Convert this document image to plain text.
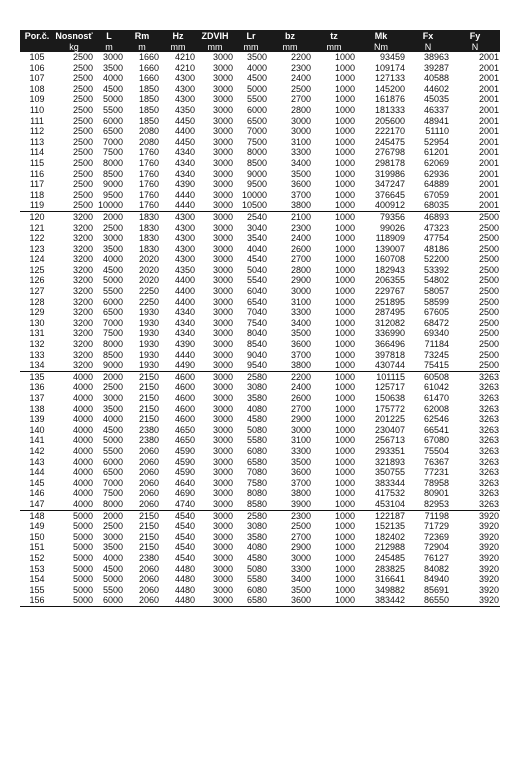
Por.č.	Nosnosť	L	Rm	Hz	ZDVIH	Lr	bz	tz	Mk	Fx	Fy
	kg	m	m	mm	mm	mm	mm	mm	Nm	N	N
105	2500	3000	1660	4210	3000	3500	2200	1000	93459	38963	2001
106	2500	3500	1660	4210	3000	4000	2300	1000	109174	39287	2001
107	2500	4000	1660	4300	3000	4500	2400	1000	127133	40588	2001
108	2500	4500	1850	4300	3000	5000	2500	1000	145200	44602	2001
109	2500	5000	1850	4300	3000	5500	2700	1000	161876	45035	2001
110	2500	5500	1850	4350	3000	6000	2800	1000	181333	46337	2001
111	2500	6000	1850	4450	3000	6500	3000	1000	205600	48941	2001
112	2500	6500	2080	4400	3000	7000	3000	1000	222170	51110	2001
113	2500	7000	2080	4450	3000	7500	3100	1000	245475	52954	2001
114	2500	7500	1760	4340	3000	8000	3300	1000	276798	61201	2001
115	2500	8000	1760	4340	3000	8500	3400	1000	298178	62069	2001
116	2500	8500	1760	4340	3000	9000	3500	1000	319986	62936	2001
117	2500	9000	1760	4390	3000	9500	3600	1000	347247	64889	2001
118	2500	9500	1760	4440	3000	10000	3700	1000	376645	67059	2001
119	2500	10000	1760	4440	3000	10500	3800	1000	400912	68035	2001
120	3200	2000	1830	4300	3000	2540	2100	1000	79356	46893	2500
121	3200	2500	1830	4300	3000	3040	2300	1000	99026	47323	2500
122	3200	3000	1830	4300	3000	3540	2400	1000	118909	47754	2500
123	3200	3500	1830	4300	3000	4040	2600	1000	139007	48186	2500
124	3200	4000	2020	4300	3000	4540	2700	1000	160708	52200	2500
125	3200	4500	2020	4350	3000	5040	2800	1000	182943	53392	2500
126	3200	5000	2020	4400	3000	5540	2900	1000	206355	54802	2500
127	3200	5500	2250	4400	3000	6040	3000	1000	229767	58057	2500
128	3200	6000	2250	4400	3000	6540	3100	1000	251895	58599	2500
129	3200	6500	1930	4340	3000	7040	3300	1000	287495	67605	2500
130	3200	7000	1930	4340	3000	7540	3400	1000	312082	68472	2500
131	3200	7500	1930	4340	3000	8040	3500	1000	336990	69340	2500
132	3200	8000	1930	4390	3000	8540	3600	1000	366496	71184	2500
133	3200	8500	1930	4440	3000	9040	3700	1000	397818	73245	2500
134	3200	9000	1930	4490	3000	9540	3800	1000	430744	75415	2500
135	4000	2000	2150	4600	3000	2580	2200	1000	101115	60508	3263
136	4000	2500	2150	4600	3000	3080	2400	1000	125717	61042	3263
137	4000	3000	2150	4600	3000	3580	2600	1000	150638	61470	3263
138	4000	3500	2150	4600	3000	4080	2700	1000	175772	62008	3263
139	4000	4000	2150	4600	3000	4580	2900	1000	201225	62546	3263
140	4000	4500	2380	4650	3000	5080	3000	1000	230407	66541	3263
141	4000	5000	2380	4650	3000	5580	3100	1000	256713	67080	3263
142	4000	5500	2060	4590	3000	6080	3300	1000	293351	75504	3263
143	4000	6000	2060	4590	3000	6580	3500	1000	321893	76367	3263
144	4000	6500	2060	4590	3000	7080	3600	1000	350755	77231	3263
145	4000	7000	2060	4640	3000	7580	3700	1000	383344	78958	3263
146	4000	7500	2060	4690	3000	8080	3800	1000	417532	80901	3263
147	4000	8000	2060	4740	3000	8580	3900	1000	453104	82953	3263
148	5000	2000	2150	4540	3000	2580	2300	1000	122187	71198	3920
149	5000	2500	2150	4540	3000	3080	2500	1000	152135	71729	3920
150	5000	3000	2150	4540	3000	3580	2700	1000	182402	72369	3920
151	5000	3500	2150	4540	3000	4080	2900	1000	212988	72904	3920
152	5000	4000	2380	4540	3000	4580	3000	1000	245485	76127	3920
153	5000	4500	2060	4480	3000	5080	3300	1000	283825	84082	3920
154	5000	5000	2060	4480	3000	5580	3400	1000	316641	84940	3920
155	5000	5500	2060	4480	3000	6080	3500	1000	349882	85691	3920
156	5000	6000	2060	4480	3000	6580	3600	1000	383442	86550	3920
